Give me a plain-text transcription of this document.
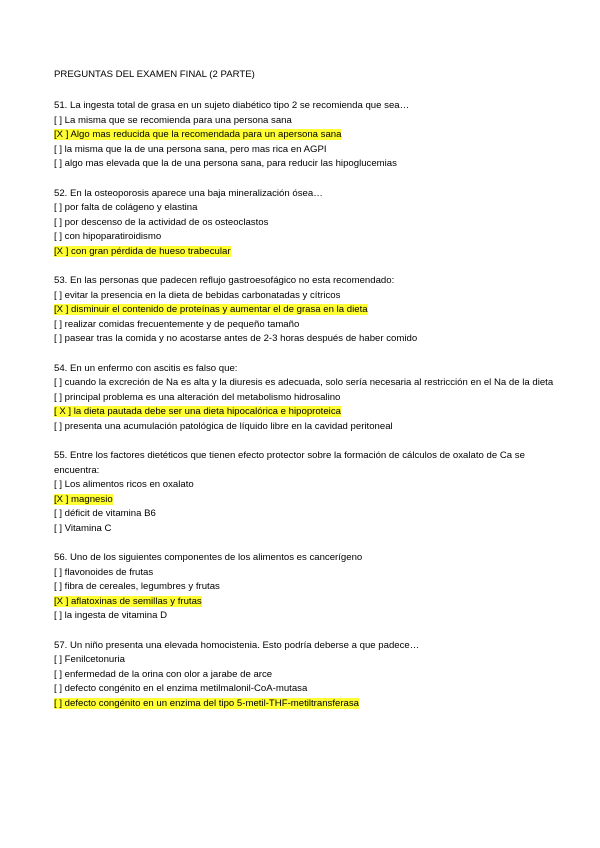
PREGUNTAS DEL EXAMEN FINAL (2 PARTE)
51. La ingesta total de grasa en un sujeto diabético tipo 2 se recomienda que sea…
[ ] La misma que se recomienda para una persona sana
[X ] Algo mas reducida que la recomendada para un apersona sana
[ ] la misma que la de una persona sana, pero mas rica en AGPI
[ ] algo mas elevada que la de una persona sana, para reducir las hipoglucemias
52. En la osteoporosis aparece una baja mineralización ósea…
[ ] por falta de colágeno y elastina
[ ] por descenso de la actividad de os osteoclastos
[ ] con hipoparatiroidismo
[X ] con gran pérdida de hueso trabecular
53. En las personas que padecen reflujo gastroesofágico no esta recomendado:
[ ] evitar la presencia en la dieta de bebidas carbonatadas y cítricos
[X ] disminuir el contenido de proteínas y aumentar el de grasa en la dieta
[ ] realizar comidas frecuentemente y de pequeño tamaño
[ ] pasear tras la comida y no acostarse antes de 2-3 horas después de haber comido
54. En un enfermo con ascitis es falso que:
[ ] cuando la excreción de Na es alta y la diuresis es adecuada, solo sería necesaria al restricción en el Na de la dieta
[ ] principal problema es una alteración del metabolismo hidrosalino
[ X ] la dieta pautada debe ser una dieta hipocalórica e hipoproteica
[ ] presenta una acumulación patológica de líquido libre en la cavidad peritoneal
55. Entre los factores dietéticos que tienen efecto protector sobre la formación de cálculos de oxalato de Ca se encuentra:
[ ] Los alimentos ricos en oxalato
[X ] magnesio
[ ] déficit de vitamina B6
[ ] Vitamina C
56. Uno de los siguientes componentes de los alimentos es cancerígeno
[ ] flavonoides de frutas
[ ] fibra de cereales, legumbres y frutas
[X ] aflatoxinas de semillas y frutas
[ ] la ingesta de vitamina D
57. Un niño presenta una elevada homocistenia. Esto podría deberse a que padece…
[ ] Fenilcetonuria
[ ] enfermedad de la orina con olor a jarabe de arce
[ ] defecto congénito en el enzima metilmalonil-CoA-mutasa
[ ] defecto congénito en un enzima del tipo 5-metil-THF-metiltransferasa
